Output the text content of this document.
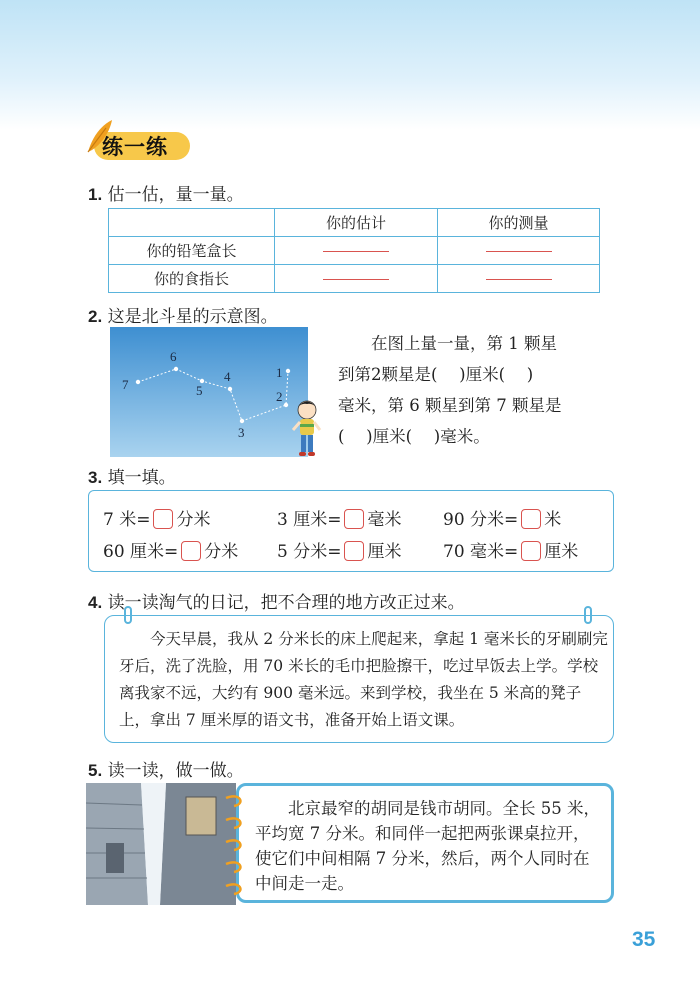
练一练
1. 估一估，量一量。
	你的估计	你的测量
你的铅笔盒长		
你的食指长		
2. 这是北斗星的示意图。
1
2
3
4
5
6
7
在图上量一量，第 1 颗星
到第2颗星是(　 )厘米(　 )
毫米，第 6 颗星到第 7 颗星是
(　 )厘米(　 )毫米。
3. 填一填。
7 米= 分米	3 厘米= 毫米 90 分米= 米
60 厘米= 分米 5 分米= 厘米 70 毫米= 厘米
4. 读一读淘气的日记，把不合理的地方改正过来。

今天早晨，我从 2 分米长的床上爬起来，拿起 1 毫米长的牙刷刷完牙后，洗了洗脸，用 70 米长的毛巾把脸擦干，吃过早饭去上学。学校离我家不远，大约有 900 毫米远。来到学校，我坐在 5 米高的凳子上，拿出 7 厘米厚的语文书，准备开始上语文课。

5. 读一读，做一做。

北京最窄的胡同是钱市胡同。全长 55 米，平均宽 7 分米。和同伴一起把两张课桌拉开，使它们中间相隔 7 分米，然后，两个人同时在中间走一走。

35
